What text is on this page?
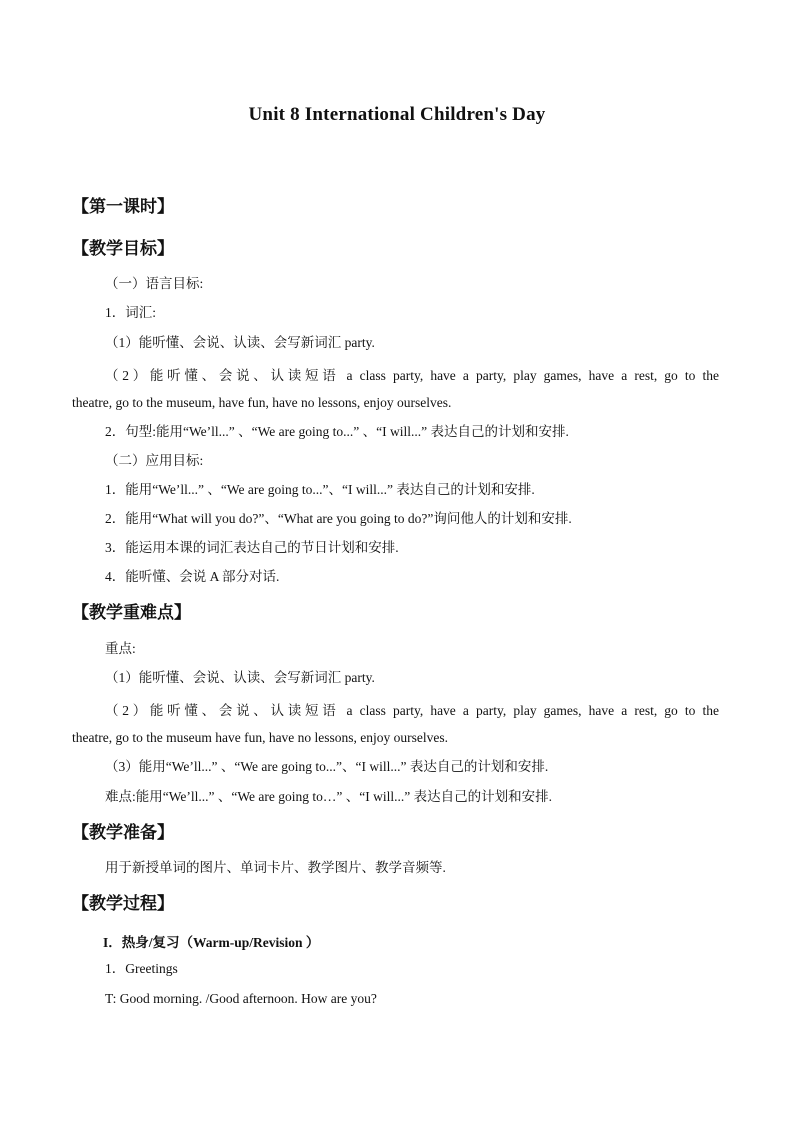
Unit 8 International Children's Day
【第一课时】
【教学目标】
（一）语言目标:
1．词汇:
（1）能听懂、会说、认读、会写新词汇 party.
（2）能听懂、会说、认读短语 a class party, have a party, play games, have a rest, go to the
theatre, go to the museum, have fun, have no lessons, enjoy ourselves.
2．句型:能用“We’ll...” 、“We are going to...” 、“I will...” 表达自己的计划和安排.
（二）应用目标:
1．能用“We’ll...” 、“We are going to...”、“I will...” 表达自己的计划和安排.
2．能用“What will you do?”、“What are you going to do?”询问他人的计划和安排.
3．能运用本课的词汇表达自己的节日计划和安排.
4．能听懂、会说 A 部分对话.
【教学重难点】
重点:
（1）能听懂、会说、认读、会写新词汇 party.
（2）能听懂、会说、认读短语 a class party, have a party, play games, have a rest, go to the
theatre, go to the museum have fun, have no lessons, enjoy ourselves.
（3）能用“We’ll...” 、“We are going to...”、“I will...” 表达自己的计划和安排.
难点:能用“We’ll...” 、“We are going to…” 、“I will...” 表达自己的计划和安排.
【教学准备】
用于新授单词的图片、单词卡片、教学图片、教学音频等.
【教学过程】
I．热身/复习（Warm-up/Revision ）
1．Greetings
T: Good morning. /Good afternoon. How are you?
